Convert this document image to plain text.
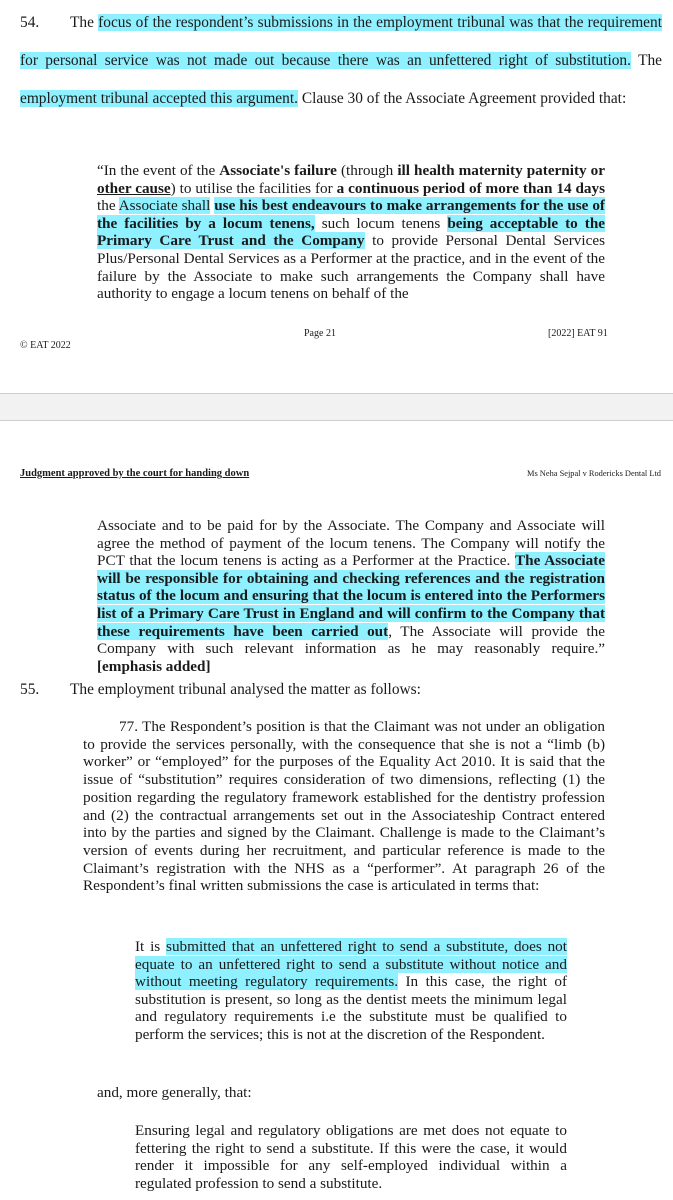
54. The focus of the respondent’s submissions in the employment tribunal was that the requirement for personal service was not made out because there was an unfettered right of substitution. The employment tribunal accepted this argument. Clause 30 of the Associate Agreement provided that:
“In the event of the Associate's failure (through ill health maternity paternity or other cause) to utilise the facilities for a continuous period of more than 14 days the Associate shall use his best endeavours to make arrangements for the use of the facilities by a locum tenens, such locum tenens being acceptable to the Primary Care Trust and the Company to provide Personal Dental Services Plus/Personal Dental Services as a Performer at the practice, and in the event of the failure by the Associate to make such arrangements the Company shall have authority to engage a locum tenens on behalf of the
Page 21	[2022] EAT 91
© EAT 2022
Judgment approved by the court for handing down	Ms Neha Sejpal v Rodericks Dental Ltd
Associate and to be paid for by the Associate. The Company and Associate will agree the method of payment of the locum tenens. The Company will notify the PCT that the locum tenens is acting as a Performer at the Practice. The Associate will be responsible for obtaining and checking references and the registration status of the locum and ensuring that the locum is entered into the Performers list of a Primary Care Trust in England and will confirm to the Company that these requirements have been carried out, The Associate will provide the Company with such relevant information as he may reasonably require.” [emphasis added]
55. The employment tribunal analysed the matter as follows:
77. The Respondent’s position is that the Claimant was not under an obligation to provide the services personally, with the consequence that she is not a “limb (b) worker” or “employed” for the purposes of the Equality Act 2010. It is said that the issue of “substitution” requires consideration of two dimensions, reflecting (1) the position regarding the regulatory framework established for the dentistry profession and (2) the contractual arrangements set out in the Associateship Contract entered into by the parties and signed by the Claimant. Challenge is made to the Claimant’s version of events during her recruitment, and particular reference is made to the Claimant’s registration with the NHS as a “performer”. At paragraph 26 of the Respondent’s final written submissions the case is articulated in terms that:
It is submitted that an unfettered right to send a substitute, does not equate to an unfettered right to send a substitute without notice and without meeting regulatory requirements. In this case, the right of substitution is present, so long as the dentist meets the minimum legal and regulatory requirements i.e the substitute must be qualified to perform the services; this is not at the discretion of the Respondent.
and, more generally, that:
Ensuring legal and regulatory obligations are met does not equate to fettering the right to send a substitute. If this were the case, it would render it impossible for any self-employed individual within a regulated profession to send a substitute.
